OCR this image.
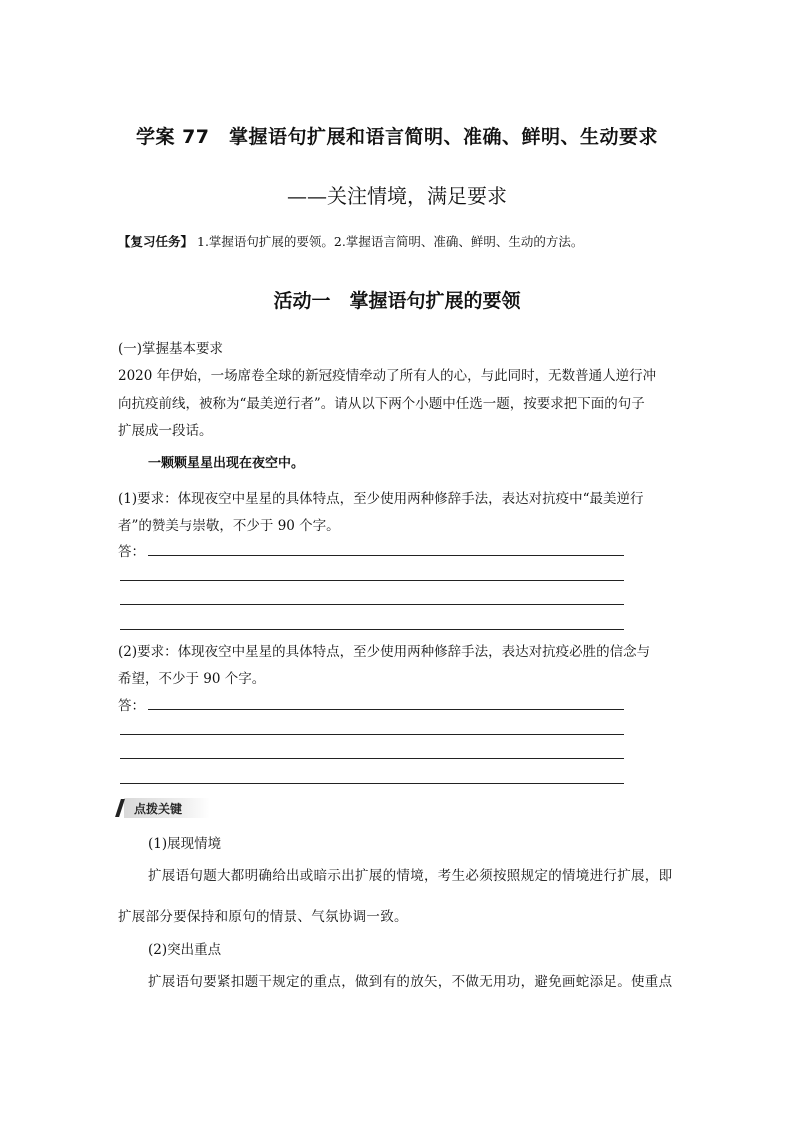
学案 77　掌握语句扩展和语言简明、准确、鲜明、生动要求
——关注情境，满足要求
【复习任务】 1.掌握语句扩展的要领。2.掌握语言简明、准确、鲜明、生动的方法。
活动一　掌握语句扩展的要领
(一)掌握基本要求
2020 年伊始，一场席卷全球的新冠疫情牵动了所有人的心，与此同时，无数普通人逆行冲
向抗疫前线，被称为“最美逆行者”。请从以下两个小题中任选一题，按要求把下面的句子
扩展成一段话。
一颗颗星星出现在夜空中。
(1)要求：体现夜空中星星的具体特点，至少使用两种修辞手法，表达对抗疫中“最美逆行
者”的赞美与崇敬，不少于 90 个字。
答：
(2)要求：体现夜空中星星的具体特点，至少使用两种修辞手法，表达对抗疫必胜的信念与
希望，不少于 90 个字。
答：
点拨关键
(1)展现情境
扩展语句题大都明确给出或暗示出扩展的情境，考生必须按照规定的情境进行扩展，即
扩展部分要保持和原句的情景、气氛协调一致。
(2)突出重点
扩展语句要紧扣题干规定的重点，做到有的放矢，不做无用功，避免画蛇添足。使重点
